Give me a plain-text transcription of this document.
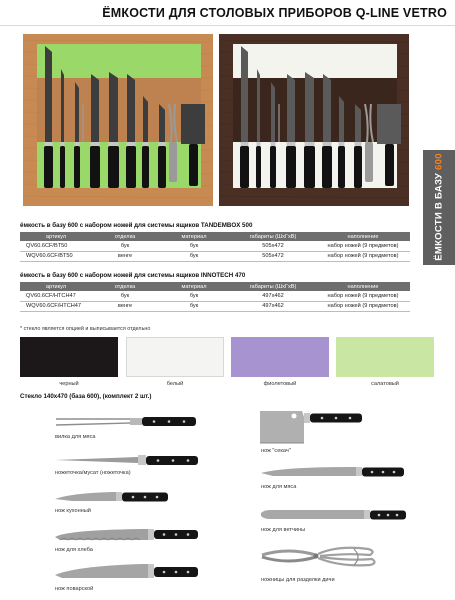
ЁМКОСТИ ДЛЯ СТОЛОВЫХ ПРИБОРОВ Q-LINE VETRO
ЁМКОСТИ В БАЗУ 600
ёмкость в базу 600 с набором ножей для системы ящиков TANDEMBOX 500
артикул	отделка	материал	габариты (ШхГхВ)	наполнение
QV60.6CF/BT50	бук	бук	505x472	набор ножей (9 предметов)
WQV60.6CF/BT50	венге	бук	505x472	набор ножей (9 предметов)
ёмкость в базу 600 с набором ножей для системы ящиков INNOTECH 470
артикул	отделка	материал	габариты (ШхГхВ)	наполнение
QV60.6CF/HTCH47	бук	бук	497x462	набор ножей (9 предметов)
WQV60.6CF/HTCH47	венге	бук	497x462	набор ножей (9 предметов)
* стекло является опцией и выписывается отдельно
черный	белый	фиолетовый	салатовый
Стекло 140x470 (база 600), (комплект 2 шт.)
вилка для мяса
ножеточка/мусат (ножеточка)
нож кухонный
нож для хлеба
нож поварской
нож "секач"
нож для мяса
нож для ветчины
ножницы для разделки дичи
